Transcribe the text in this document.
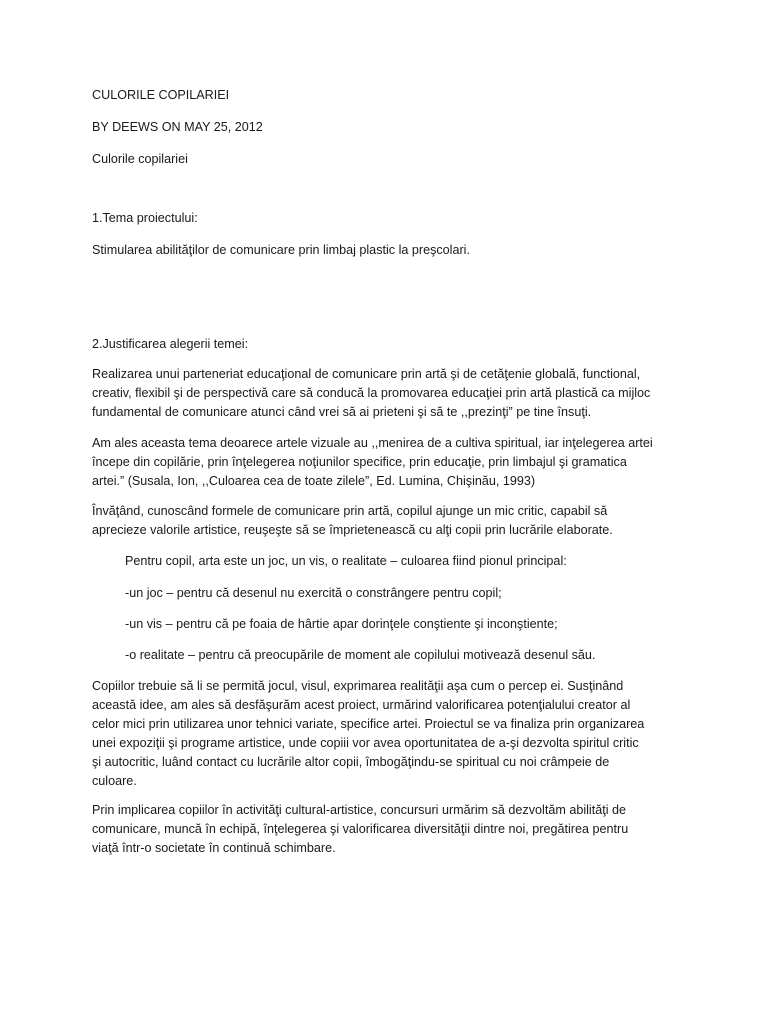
CULORILE COPILARIEI

BY DEEWS ON MAY 25, 2012

Culorile copilariei

1.Tema proiectului:

Stimularea abilităţilor de comunicare prin limbaj plastic la preşcolari.

2.Justificarea alegerii temei:

Realizarea unui parteneriat educaţional de comunicare prin artă şi de cetăţenie globală, functional,
creativ, flexibil şi de perspectivă care să conducă la promovarea educaţiei prin artă plastică ca mijloc
fundamental de comunicare atunci când vrei să ai prieteni şi să te ,,prezinţi” pe tine însuţi.
Am ales aceasta tema deoarece artele vizuale au ,,menirea de a cultiva spiritual, iar inţelegerea artei
începe din copilărie, prin înţelegerea noţiunilor specifice, prin educaţie, prin limbajul şi gramatica
artei.” (Susala, Ion, ,,Culoarea cea de toate zilele”, Ed. Lumina, Chişinău, 1993)
Învăţând, cunoscând formele de comunicare prin artă, copilul ajunge un mic critic, capabil să
aprecieze valorile artistice, reuşeşte să se împrietenească cu alţi copii prin lucrările elaborate.

Pentru copil, arta este un joc, un vis, o realitate – culoarea fiind pionul principal:

-un joc – pentru că desenul nu exercită o constrângere pentru copil;

-un vis – pentru că pe foaia de hârtie apar dorinţele conştiente şi inconştiente;

-o realitate – pentru că preocupările de moment ale copilului motivează desenul său.

Copiilor trebuie să li se permită jocul, visul, exprimarea realităţii aşa cum o percep ei. Susţinând
această idee, am ales să desfăşurăm acest proiect, urmărind valorificarea potenţialului creator al
celor mici prin utilizarea unor tehnici variate, specifice artei. Proiectul se va finaliza prin organizarea
unei expoziţii şi programe artistice, unde copiii vor avea oportunitatea de a-şi dezvolta spiritul critic
şi autocritic, luând contact cu lucrările altor copii, îmbogăţindu-se spiritual cu noi crâmpeie de
culoare.
Prin implicarea copiilor în activităţi cultural-artistice, concursuri urmărim să dezvoltăm abilităţi de
comunicare, muncă în echipă, înţelegerea şi valorificarea diversităţii dintre noi, pregătirea pentru
viaţă într-o societate în continuă schimbare.
